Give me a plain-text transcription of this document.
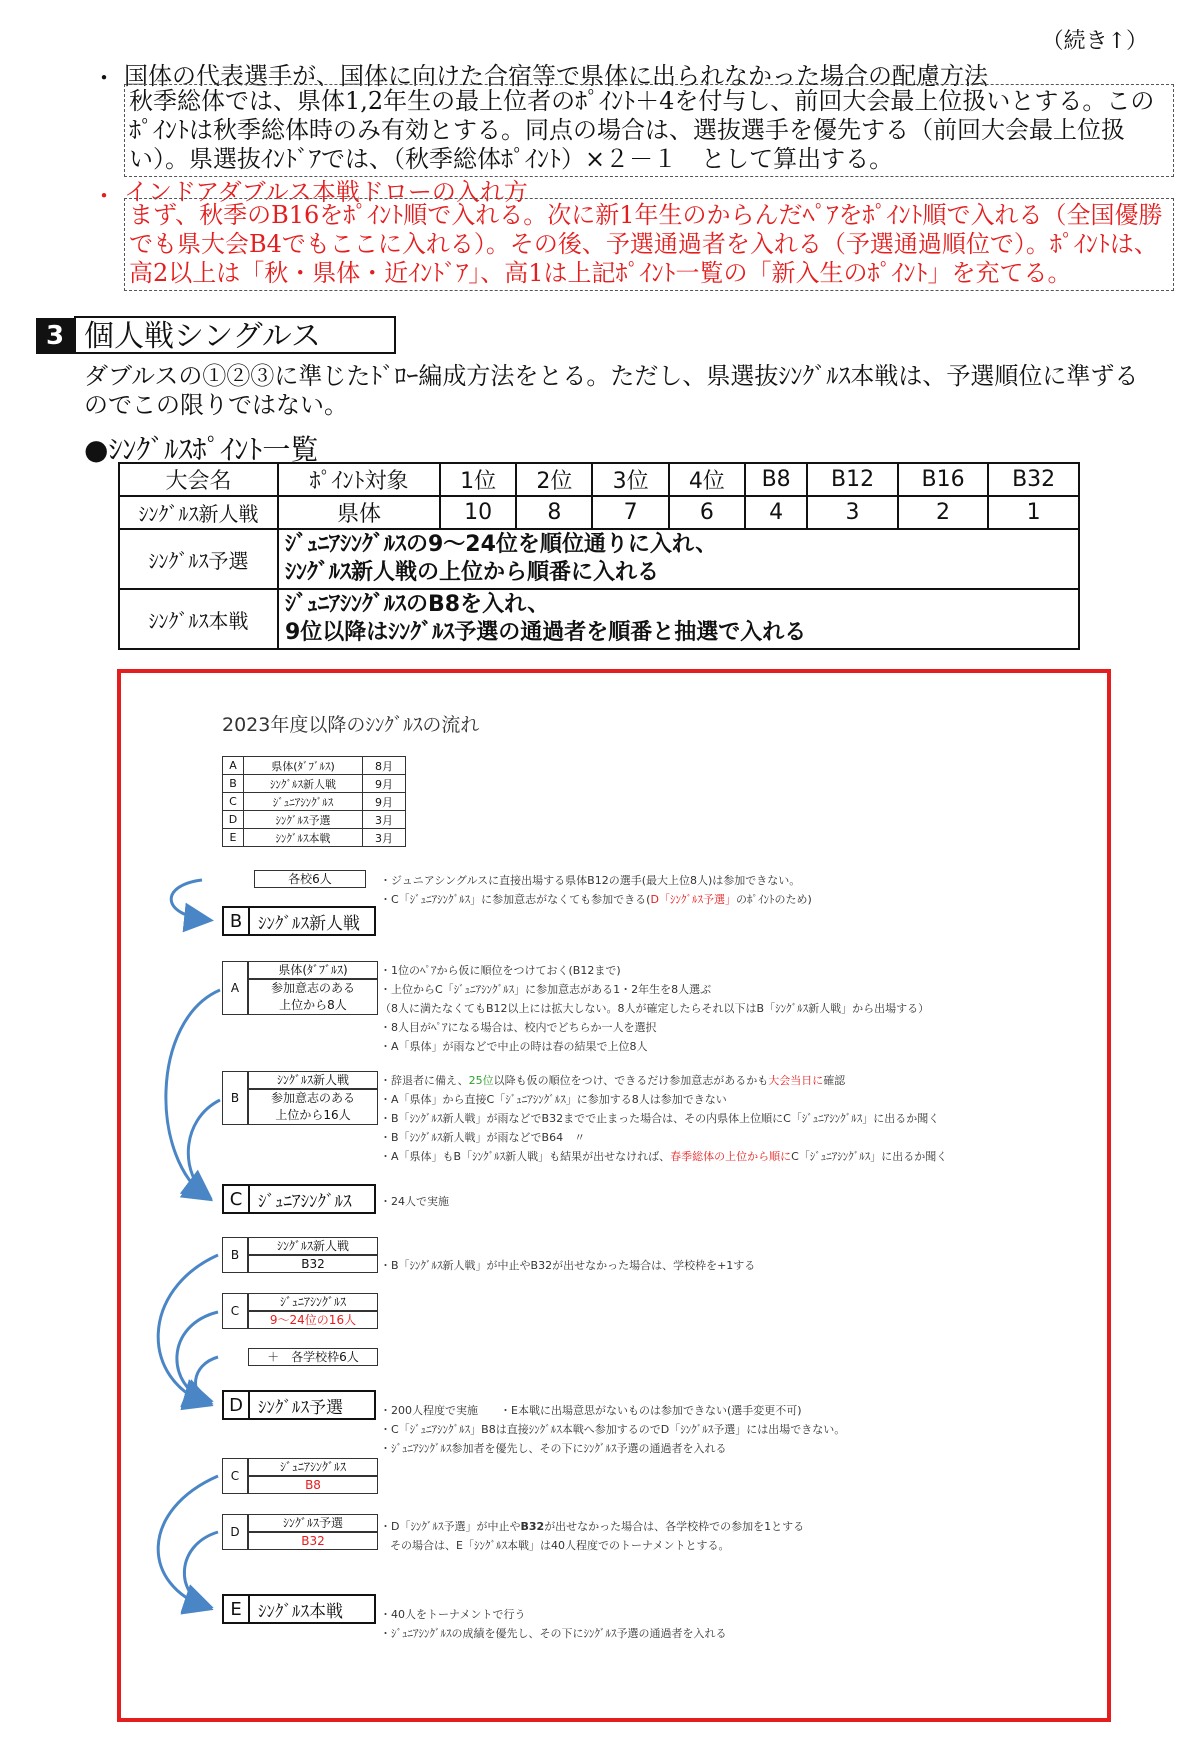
（続き↑）
・ 国体の代表選手が、国体に向けた合宿等で県体に出られなかった場合の配慮方法
秋季総体では、県体1,2年生の最上位者のﾎﾟｲﾝﾄ＋4を付与し、前回大会最上位扱いとする。この
ﾎﾟｲﾝﾄは秋季総体時のみ有効とする。同点の場合は、選抜選手を優先する（前回大会最上位扱
い）。県選抜ｲﾝﾄﾞｱでは、（秋季総体ﾎﾟｲﾝﾄ）×２－１　として算出する。
・ インドアダブルス本戦ドローの入れ方
まず、秋季のB16をﾎﾟｲﾝﾄ順で入れる。次に新1年生のからんだﾍﾟｱをﾎﾟｲﾝﾄ順で入れる（全国優勝
でも県大会B4でもここに入れる）。その後、予選通過者を入れる（予選通過順位で）。ﾎﾟｲﾝﾄは、
高2以上は「秋・県体・近ｲﾝﾄﾞｱ」、高1は上記ﾎﾟｲﾝﾄ一覧の「新入生のﾎﾟｲﾝﾄ」を充てる。
3 個人戦シングルス
ダブルスの①②③に準じたﾄﾞﾛｰ編成方法をとる。ただし、県選抜ｼﾝｸﾞﾙｽ本戦は、予選順位に準ずる
のでこの限りではない。
●ｼﾝｸﾞﾙｽﾎﾟｲﾝﾄ一覧
大会名	ﾎﾟｲﾝﾄ対象	1位	2位	3位	4位	B8	B12	B16	B32
ｼﾝｸﾞﾙｽ新人戦	県体	10	8	7	6	4	3	2	1
ｼﾝｸﾞﾙｽ予選	ｼﾞｭﾆｱｼﾝｸﾞﾙｽの9～24位を順位通りに入れ、
ｼﾝｸﾞﾙｽ新人戦の上位から順番に入れる								

ｼﾝｸﾞﾙｽ本戦	ｼﾞｭﾆｱｼﾝｸﾞﾙｽのB8を入れ、
9位以降はｼﾝｸﾞﾙｽ予選の通過者を順番と抽選で入れる								
2023年度以降のｼﾝｸﾞﾙｽの流れ
A	県体(ﾀﾞﾌﾞﾙｽ)	8月
B	ｼﾝｸﾞﾙｽ新人戦	9月
C	ｼﾞｭﾆｱｼﾝｸﾞﾙｽ	9月
D	ｼﾝｸﾞﾙｽ予選	3月
E	ｼﾝｸﾞﾙｽ本戦	3月
各校6人	・ジュニアシングルスに直接出場する県体B12の選手(最大上位8人)は参加できない。
・C「ｼﾞｭﾆｱｼﾝｸﾞﾙｽ」に参加意志がなくても参加できる(D「ｼﾝｸﾞﾙｽ予選」のﾎﾟｲﾝﾄのため)
B ｼﾝｸﾞﾙｽ新人戦
A
県体(ﾀﾞﾌﾞﾙｽ)
参加意志のある
上位から8人
・1位のﾍﾟｱから仮に順位をつけておく(B12まで)
・上位からC「ｼﾞｭﾆｱｼﾝｸﾞﾙｽ」に参加意志がある1・2年生を8人選ぶ
（8人に満たなくてもB12以上には拡大しない。8人が確定したらそれ以下はB「ｼﾝｸﾞﾙｽ新人戦」から出場する）
・8人目がﾍﾟｱになる場合は、校内でどちらか一人を選択
・A「県体」が雨などで中止の時は春の結果で上位8人
B
ｼﾝｸﾞﾙｽ新人戦
参加意志のある
上位から16人
・辞退者に備え、25位以降も仮の順位をつけ、できるだけ参加意志があるかも大会当日に確認
・A「県体」から直接C「ｼﾞｭﾆｱｼﾝｸﾞﾙｽ」に参加する8人は参加できない
・B「ｼﾝｸﾞﾙｽ新人戦」が雨などでB32までで止まった場合は、その内県体上位順にC「ｼﾞｭﾆｱｼﾝｸﾞﾙｽ」に出るか聞く
・B「ｼﾝｸﾞﾙｽ新人戦」が雨などでB64　〃
・A「県体」もB「ｼﾝｸﾞﾙｽ新人戦」も結果が出せなければ、春季総体の上位から順にC「ｼﾞｭﾆｱｼﾝｸﾞﾙｽ」に出るか聞く
C ｼﾞｭﾆｱｼﾝｸﾞﾙｽ	・24人で実施
B
ｼﾝｸﾞﾙｽ新人戦
B32	・B「ｼﾝｸﾞﾙｽ新人戦」が中止やB32が出せなかった場合は、学校枠を+1する
C
ｼﾞｭﾆｱｼﾝｸﾞﾙｽ
9～24位の16人
＋　各学校枠6人
D ｼﾝｸﾞﾙｽ予選	・200人程度で実施　　・E本戦に出場意思がないものは参加できない(選手変更不可)
・C「ｼﾞｭﾆｱｼﾝｸﾞﾙｽ」B8は直接ｼﾝｸﾞﾙｽ本戦へ参加するのでD「ｼﾝｸﾞﾙｽ予選」には出場できない。
・ｼﾞｭﾆｱｼﾝｸﾞﾙｽ参加者を優先し、その下にｼﾝｸﾞﾙｽ予選の通過者を入れる
C
ｼﾞｭﾆｱｼﾝｸﾞﾙｽ
B8
D
ｼﾝｸﾞﾙｽ予選
B32
・D「ｼﾝｸﾞﾙｽ予選」が中止やB32が出せなかった場合は、各学校枠での参加を1とする
その場合は、E「ｼﾝｸﾞﾙｽ本戦」は40人程度でのトーナメントとする。
E ｼﾝｸﾞﾙｽ本戦	・40人をトーナメントで行う
・ｼﾞｭﾆｱｼﾝｸﾞﾙｽの成績を優先し、その下にｼﾝｸﾞﾙｽ予選の通過者を入れる
